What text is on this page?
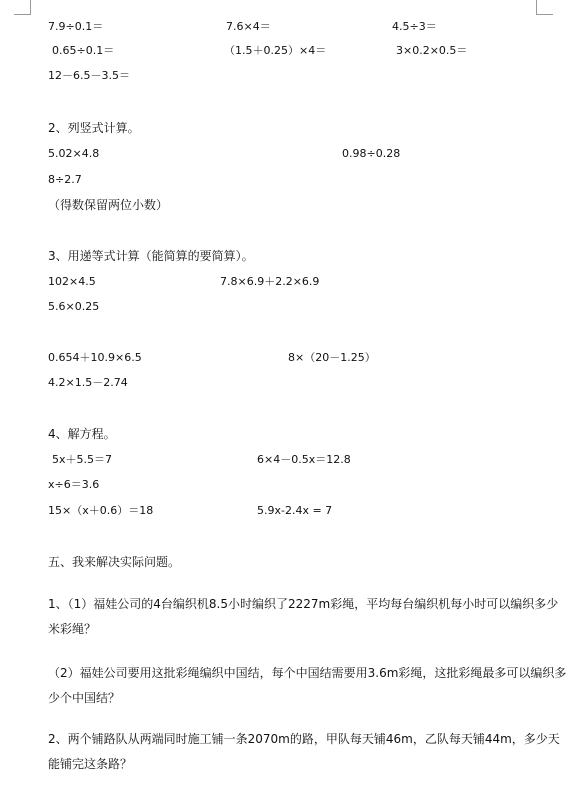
7.9÷0.1＝	7.6×4＝	4.5÷3＝
0.65÷0.1＝	（1.5＋0.25）×4＝	3×0.2×0.5＝
12－6.5－3.5＝
2、列竖式计算。
5.02×4.8	0.98÷0.28
8÷2.7
（得数保留两位小数）
3、用递等式计算（能简算的要简算）。
102×4.5	7.8×6.9＋2.2×6.9
5.6×0.25
0.654＋10.9×6.5	8×（20－1.25）
4.2×1.5－2.74
4、解方程。
5x＋5.5＝7	6×4－0.5x＝12.8
x÷6＝3.6
15×（x＋0.6）＝18	5.9x-2.4x = 7
五、我来解决实际问题。
1、（1）福娃公司的4台编织机8.5小时编织了2227m彩绳，平均每台编织机每小时可以编织多少米彩绳？
（2）福娃公司要用这批彩绳编织中国结，每个中国结需要用3.6m彩绳，这批彩绳最多可以编织多少个中国结？
2、两个铺路队从两端同时施工铺一条2070m的路，甲队每天铺46m，乙队每天铺44m，多少天能铺完这条路？
